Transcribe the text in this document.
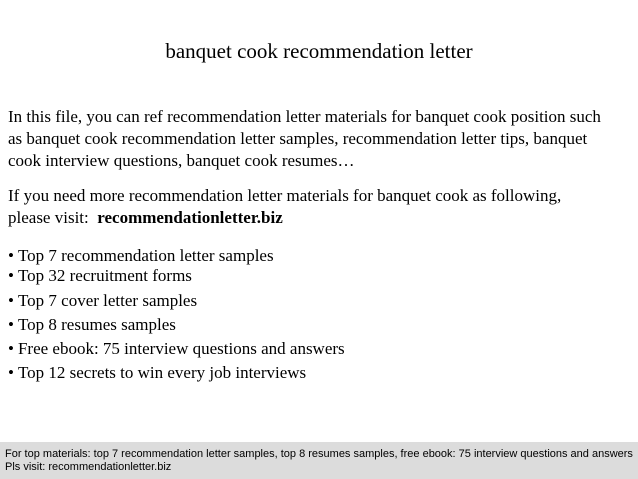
banquet cook recommendation letter

In this file, you can ref recommendation letter materials for banquet cook position such
as banquet cook recommendation letter samples, recommendation letter tips, banquet
cook interview questions, banquet cook resumes…

If you need more recommendation letter materials for banquet cook as following,
please visit:  recommendationletter.biz

• Top 7 recommendation letter samples
• Top 32 recruitment forms
• Top 7 cover letter samples
• Top 8 resumes samples
• Free ebook: 75 interview questions and answers
• Top 12 secrets to win every job interviews
For top materials: top 7 recommendation letter samples, top 8 resumes samples, free ebook: 75 interview questions and answers
Pls visit: recommendationletter.biz
